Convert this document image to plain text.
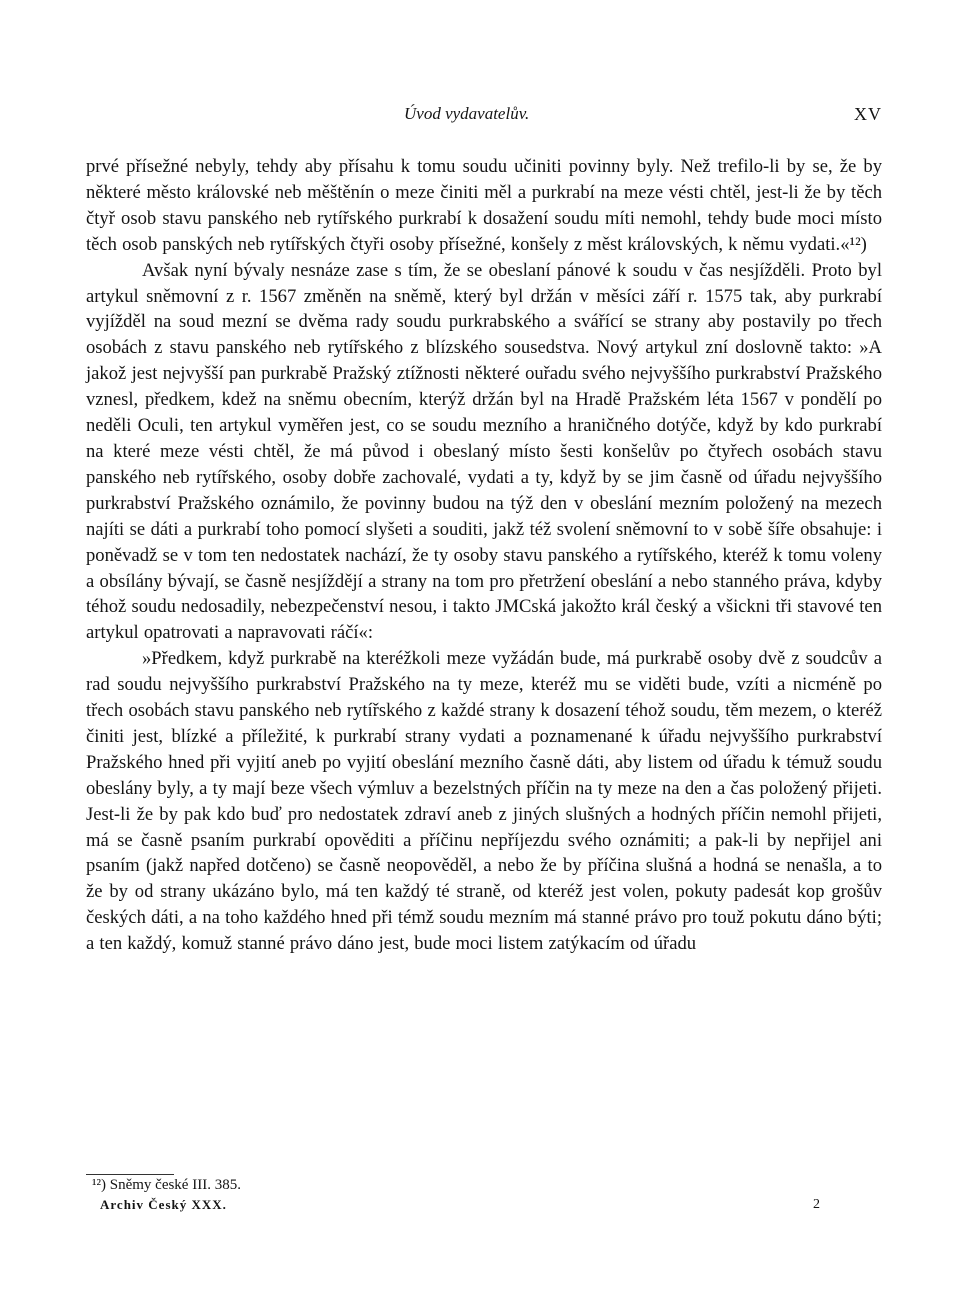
Úvod vydavatelův.	XV

prvé přísežné nebyly, tehdy aby přísahu k tomu soudu učiniti povinny byly. Než trefilo-li by se, že by některé město královské neb měštěnín o meze činiti měl a purkrabí na meze vésti chtěl, jest-li že by těch čtyř osob stavu panského neb rytířského purkrabí k dosažení soudu míti nemohl, tehdy bude moci místo těch osob panských neb rytířských čtyři osoby přísežné, konšely z měst královských, k němu vydati.«¹²)

Avšak nyní bývaly nesnáze zase s tím, že se obeslaní pánové k soudu v čas nesjížděli. Proto byl artykul sněmovní z r. 1567 změněn na sněmě, který byl držán v měsíci září r. 1575 tak, aby purkrabí vyjížděl na soud mezní se dvěma rady soudu purkrabského a svářící se strany aby postavily po třech osobách z stavu panského neb rytířského z blízského sousedstva. Nový artykul zní doslovně takto: »A jakož jest nejvyšší pan purkrabě Pražský ztížnosti některé ouřadu svého nejvyššího purkrabství Pražského vznesl, předkem, kdež na sněmu obecním, kterýž držán byl na Hradě Pražském léta 1567 v pondělí po neděli Oculi, ten artykul vyměřen jest, co se soudu mezního a hraničného dotýče, když by kdo purkrabí na které meze vésti chtěl, že má původ i obeslaný místo šesti konšelův po čtyřech osobách stavu panského neb rytířského, osoby dobře zachovalé, vydati a ty, když by se jim časně od úřadu nejvyššího purkrabství Pražského oznámilo, že povinny budou na týž den v obeslání mezním položený na mezech najíti se dáti a purkrabí toho pomocí slyšeti a souditi, jakž též svolení sněmovní to v sobě šíře obsahuje: i poněvadž se v tom ten nedostatek nachází, že ty osoby stavu panského a rytířského, kteréž k tomu voleny a obsílány bývají, se časně nesjíždějí a strany na tom pro přetržení obeslání a nebo stanného práva, kdyby téhož soudu nedosadily, nebezpečenství nesou, i takto JMCská jakožto král český a všickni tři stavové ten artykul opatrovati a napravovati ráčí«:

»Předkem, když purkrabě na kteréžkoli meze vyžádán bude, má purkrabě osoby dvě z soudcův a rad soudu nejvyššího purkrabství Pražského na ty meze, kteréž mu se viděti bude, vzíti a nicméně po třech osobách stavu panského neb rytířského z každé strany k dosazení téhož soudu, těm mezem, o kteréž činiti jest, blízké a příležité, k purkrabí strany vydati a poznamenané k úřadu nejvyššího purkrabství Pražského hned při vyjití aneb po vyjití obeslání mezního časně dáti, aby listem od úřadu k témuž soudu obeslány byly, a ty mají beze všech výmluv a bezelstných příčin na ty meze na den a čas položený přijeti. Jest-li že by pak kdo buď pro nedostatek zdraví aneb z jiných slušných a hodných příčin nemohl přijeti, má se časně psaním purkrabí opověditi a příčinu nepříjezdu svého oznámiti; a pak-li by nepřijel ani psaním (jakž napřed dotčeno) se časně neopověděl, a nebo že by příčina slušná a hodná se nenašla, a to že by od strany ukázáno bylo, má ten každý té straně, od kteréž jest volen, pokuty padesát kop grošův českých dáti, a na toho každého hned při témž soudu mezním má stanné právo pro touž pokutu dáno býti; a ten každý, komuž stanné právo dáno jest, bude moci listem zatýkacím od úřadu

¹²) Sněmy české III. 385.
Archiv Český XXX.	2
